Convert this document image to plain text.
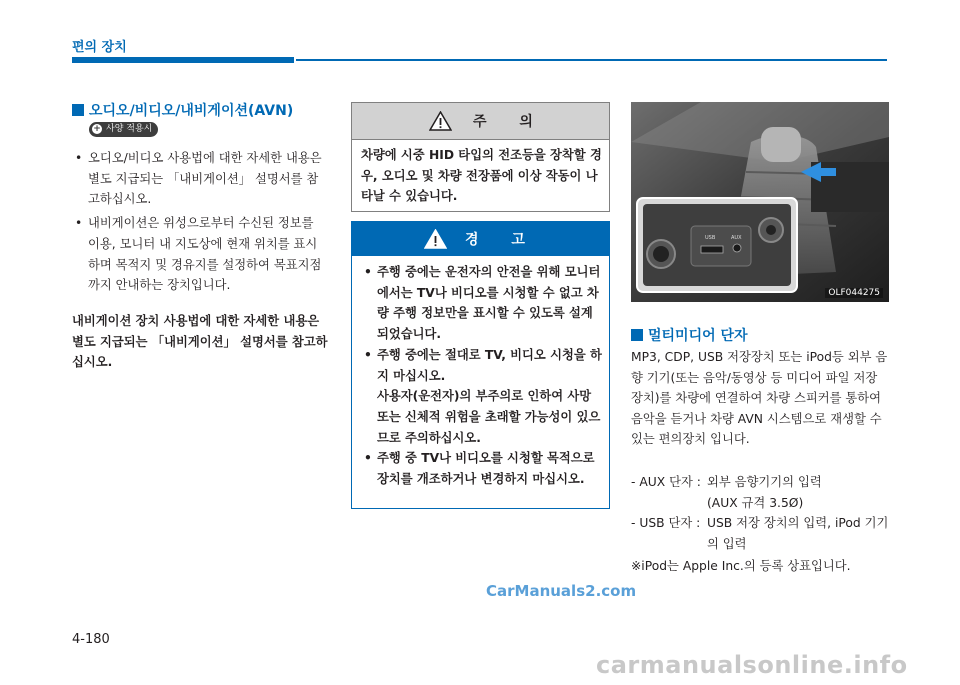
편의 장치
오디오/비디오/내비게이션(AVN)
+ 사양 적용시
• 오디오/비디오 사용법에 대한 자세한 내용은 별도 지급되는 「내비게이션」 설명서를 참고하십시오.
• 내비게이션은 위성으로부터 수신된 정보를 이용, 모니터 내 지도상에 현재 위치를 표시하며 목적지 및 경유지를 설정하여 목표지점까지 안내하는 장치입니다.
내비게이션 장치 사용법에 대한 자세한 내용은 별도 지급되는 「내비게이션」 설명서를 참고하십시오.
주 의
차량에 시중 HID 타입의 전조등을 장착할 경우, 오디오 및 차량 전장품에 이상 작동이 나타날 수 있습니다.
경 고
• 주행 중에는 운전자의 안전을 위해 모니터에서는 TV나 비디오를 시청할 수 없고 차량 주행 정보만을 표시할 수 있도록 설계 되었습니다.
• 주행 중에는 절대로 TV, 비디오 시청을 하지 마십시오.
사용자(운전자)의 부주의로 인하여 사망 또는 신체적 위험을 초래할 가능성이 있으므로 주의하십시오.
• 주행 중 TV나 비디오를 시청할 목적으로 장치를 개조하거나 변경하지 마십시오.
USB	AUX
OLF044275
멀티미디어 단자
MP3, CDP, USB 저장장치 또는 iPod등 외부 음향 기기(또는 음악/동영상 등 미디어 파일 저장장치)를 차량에 연결하여 차량 스피커를 통하여 음악을 듣거나 차량 AVN 시스템으로 재생할 수 있는 편의장치 입니다.
- AUX 단자 : 외부 음향기기의 입력
(AUX 규격 3.5Ø)
- USB 단자 : USB 저장 장치의 입력, iPod 기기의 입력
※iPod는 Apple Inc.의 등록 상표입니다.
CarManuals2.com
4-180
carmanualsonline.info
